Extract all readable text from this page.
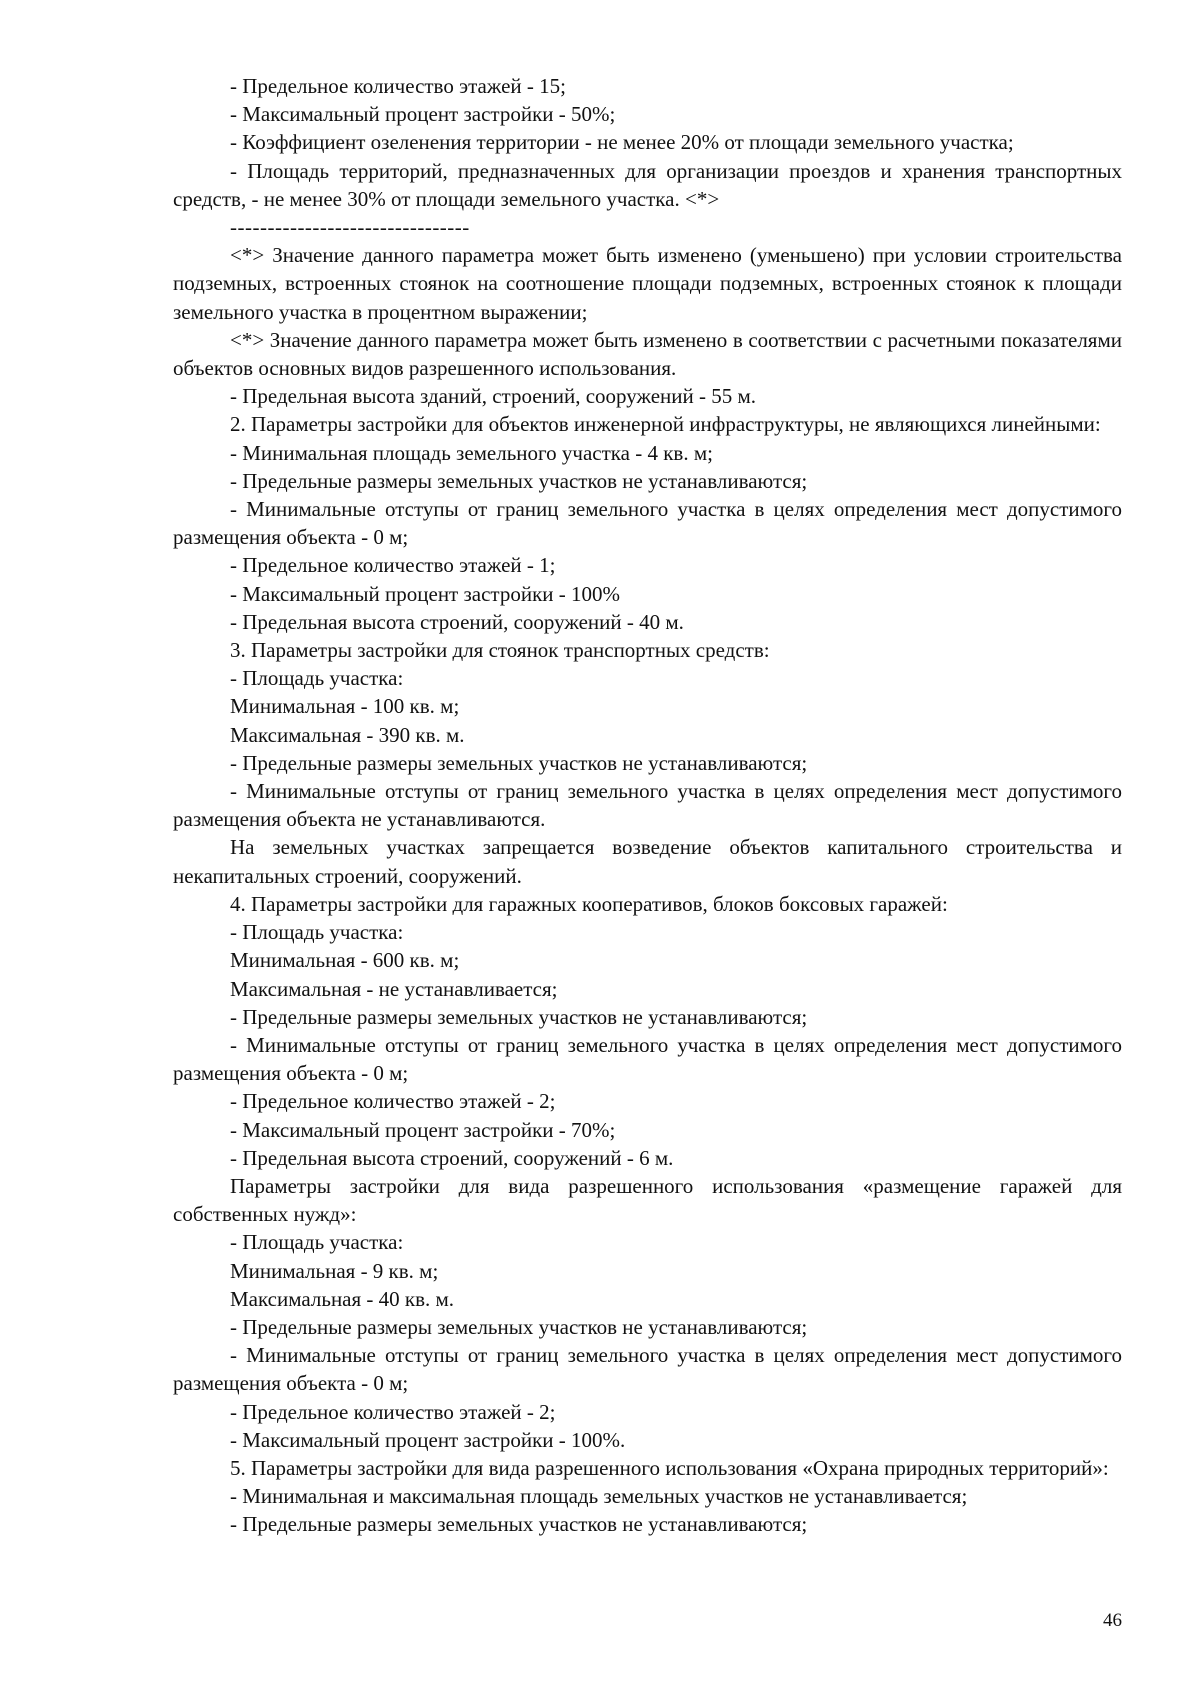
- Предельное количество этажей - 15;

- Максимальный процент застройки - 50%;

- Коэффициент озеленения территории - не менее 20% от площади земельного участка;

- Площадь территорий, предназначенных для организации проездов и хранения транспортных средств, - не менее 30% от площади земельного участка. <*>

--------------------------------

<*> Значение данного параметра может быть изменено (уменьшено) при условии строительства подземных, встроенных стоянок на соотношение площади подземных, встроенных стоянок к площади земельного участка в процентном выражении;

<*> Значение данного параметра может быть изменено в соответствии с расчетными показателями объектов основных видов разрешенного использования.

- Предельная высота зданий, строений, сооружений - 55 м.

2. Параметры застройки для объектов инженерной инфраструктуры, не являющихся линейными:

- Минимальная площадь земельного участка - 4 кв. м;

- Предельные размеры земельных участков не устанавливаются;

- Минимальные отступы от границ земельного участка в целях определения мест допустимого размещения объекта - 0 м;

- Предельное количество этажей - 1;

- Максимальный процент застройки - 100%

- Предельная высота строений, сооружений - 40 м.

3. Параметры застройки для стоянок транспортных средств:

- Площадь участка:

Минимальная - 100 кв. м;

Максимальная - 390 кв. м.

- Предельные размеры земельных участков не устанавливаются;

- Минимальные отступы от границ земельного участка в целях определения мест допустимого размещения объекта не устанавливаются.

На земельных участках запрещается возведение объектов капитального строительства и некапитальных строений, сооружений.

4. Параметры застройки для гаражных кооперативов, блоков боксовых гаражей:

- Площадь участка:

Минимальная - 600 кв. м;

Максимальная - не устанавливается;

- Предельные размеры земельных участков не устанавливаются;

- Минимальные отступы от границ земельного участка в целях определения мест допустимого размещения объекта - 0 м;

- Предельное количество этажей - 2;

- Максимальный процент застройки - 70%;

- Предельная высота строений, сооружений - 6 м.

Параметры застройки для вида разрешенного использования «размещение гаражей для собственных нужд»:

- Площадь участка:

Минимальная - 9 кв. м;

Максимальная - 40 кв. м.

- Предельные размеры земельных участков не устанавливаются;

- Минимальные отступы от границ земельного участка в целях определения мест допустимого размещения объекта - 0 м;

- Предельное количество этажей - 2;

- Максимальный процент застройки - 100%.

5. Параметры застройки для вида разрешенного использования «Охрана природных территорий»:

- Минимальная и максимальная площадь земельных участков не устанавливается;

- Предельные размеры земельных участков не устанавливаются;

46
